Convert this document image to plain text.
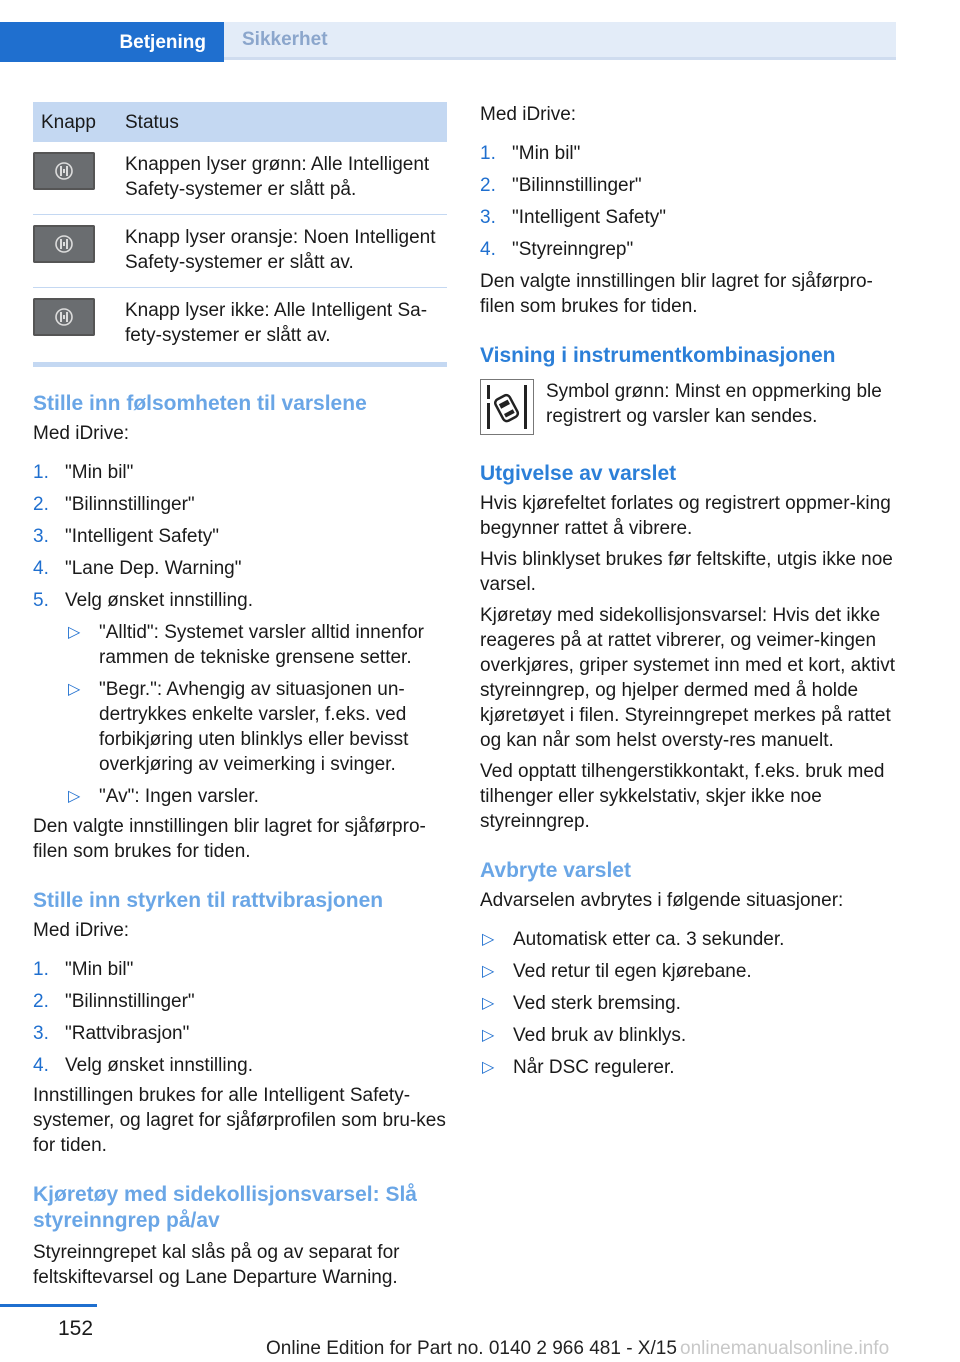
Betjening	Sikkerhet
Knapp	Status

	Knappen lyser grønn: Alle Intelligent Safety-systemer er slått på.

	Knapp lyser oransje: Noen Intelligent Safety-systemer er slått av.

	Knapp lyser ikke: Alle Intelligent Sa-fety-systemer er slått av.
Stille inn følsomheten til varslene

Med iDrive:

1. "Min bil"
2. "Bilinnstillinger"
3. "Intelligent Safety"
4. "Lane Dep. Warning"
5. Velg ønsket innstilling.
▷ "Alltid": Systemet varsler alltid innenfor rammen de tekniske grensene setter.
▷ "Begr.": Avhengig av situasjonen un-dertrykkes enkelte varsler, f.eks. ved forbikjøring uten blinklys eller bevisst overkjøring av veimerking i svinger.
▷ "Av": Ingen varsler.

Den valgte innstillingen blir lagret for sjåførpro-filen som brukes for tiden.

Stille inn styrken til rattvibrasjonen

Med iDrive:

1. "Min bil"
2. "Bilinnstillinger"
3. "Rattvibrasjon"
4. Velg ønsket innstilling.

Innstillingen brukes for alle Intelligent Safety-systemer, og lagret for sjåførprofilen som bru-kes for tiden.

Kjøretøy med sidekollisjonsvarsel: Slå styreinngrep på/av

Styreinngrepet kal slås på og av separat for feltskiftevarsel og Lane Departure Warning.

Med iDrive:

1. "Min bil"
2. "Bilinnstillinger"
3. "Intelligent Safety"
4. "Styreinngrep"

Den valgte innstillingen blir lagret for sjåførpro-filen som brukes for tiden.

Visning i instrumentkombinasjonen

Symbol grønn: Minst en oppmerking ble registrert og varsler kan sendes.

Utgivelse av varslet

Hvis kjørefeltet forlates og registrert oppmer-king begynner rattet å vibrere.

Hvis blinklyset brukes før feltskifte, utgis ikke noe varsel.

Kjøretøy med sidekollisjonsvarsel: Hvis det ikke reageres på at rattet vibrerer, og veimer-kingen overkjøres, griper systemet inn med et kort, aktivt styreinngrep, og hjelper dermed med å holde kjøretøyet i filen. Styreinngrepet merkes på rattet og kan når som helst oversty-res manuelt.

Ved opptatt tilhengerstikkontakt, f.eks. bruk med tilhenger eller sykkelstativ, skjer ikke noe styreinngrep.

Avbryte varslet

Advarselen avbrytes i følgende situasjoner:

▷ Automatisk etter ca. 3 sekunder.
▷ Ved retur til egen kjørebane.
▷ Ved sterk bremsing.
▷ Ved bruk av blinklys.
▷ Når DSC regulerer.
152
Online Edition for Part no. 0140 2 966 481 - X/15 onlinemanualsonline.info
